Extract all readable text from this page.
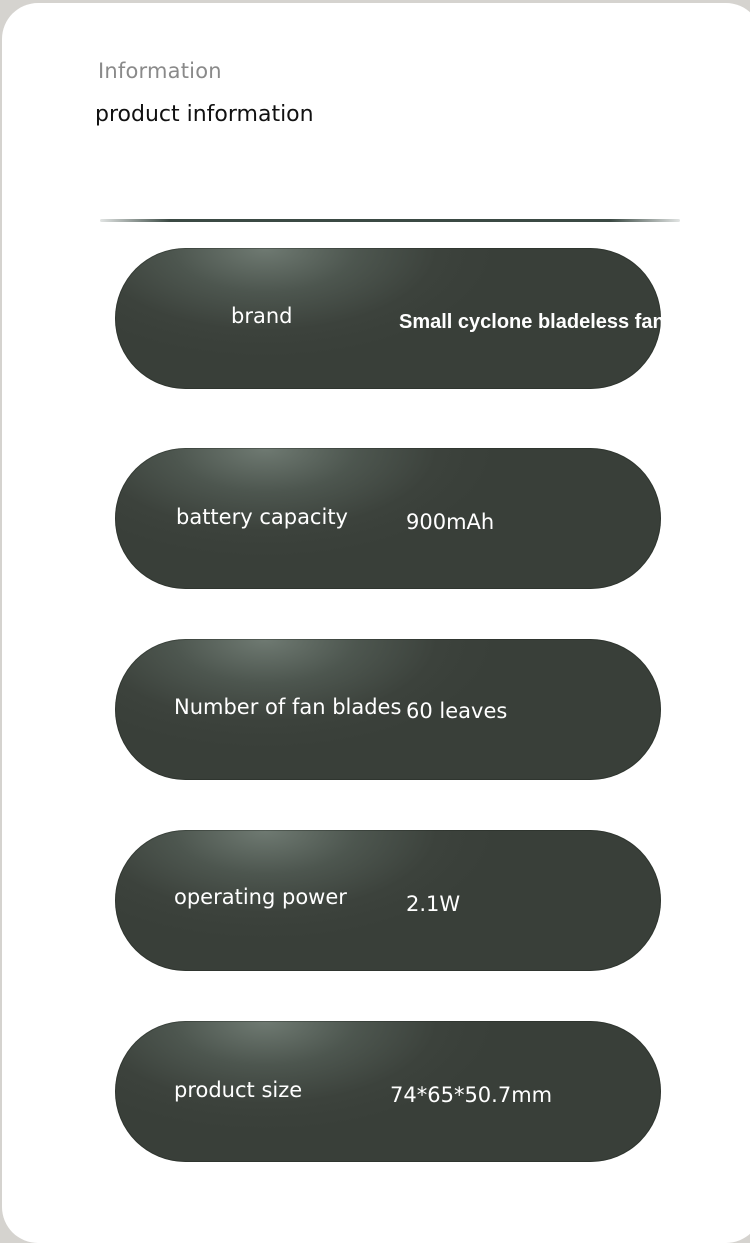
Information
product information
brand	Small cyclone bladeless fan
battery capacity	900mAh
Number of fan blades 60 leaves
operating power	2.1W
product size	74*65*50.7mm
